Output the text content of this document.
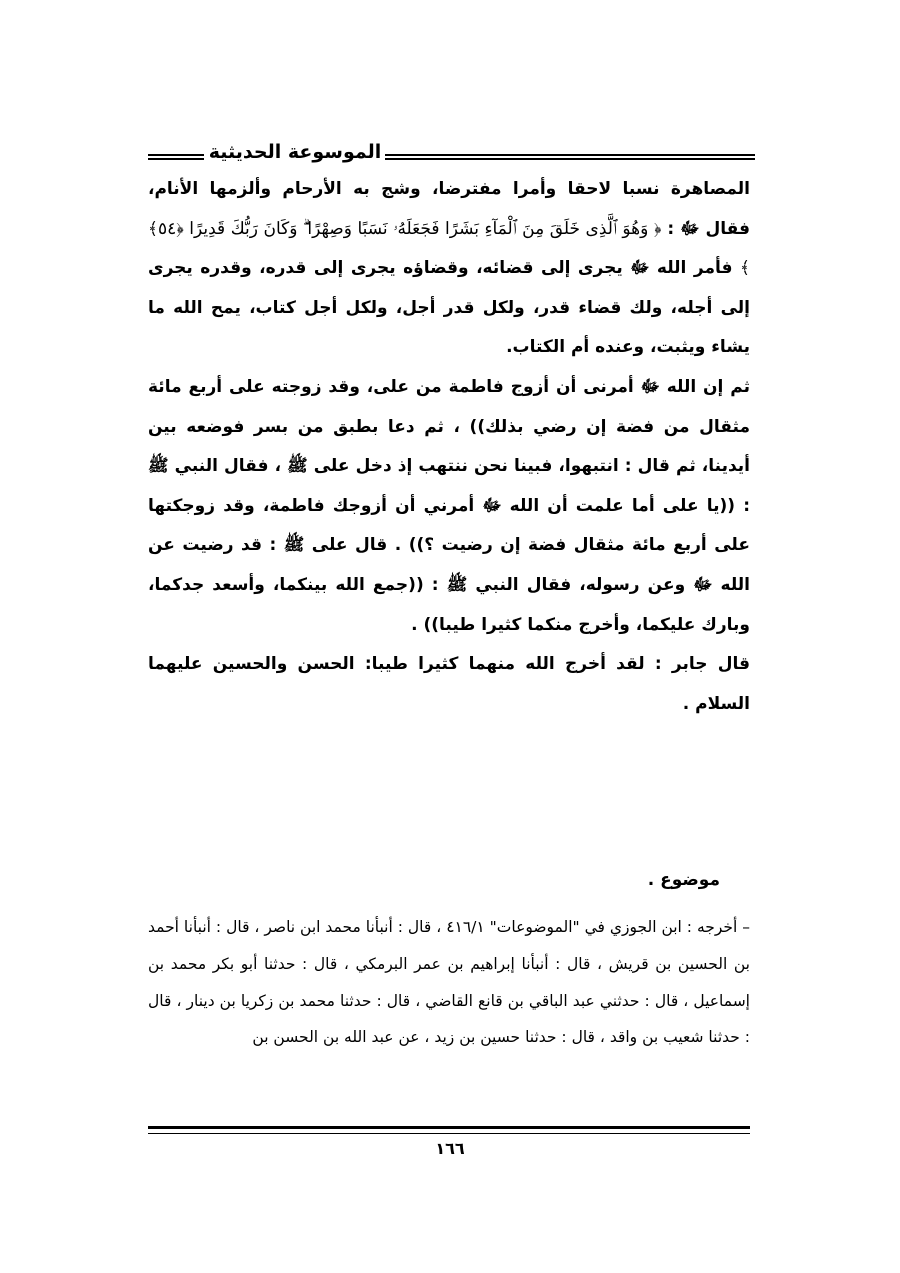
الموسوعة الحديثية

المصاهرة نسبا لاحقا وأمرا مفترضا، وشج به الأرحام وألزمها الأنام، فقال ﷻ : ﴿ وَهُوَ ٱلَّذِى خَلَقَ مِنَ ٱلْمَآءِ بَشَرًا فَجَعَلَهُۥ نَسَبًا وَصِهْرًا ۗ وَكَانَ رَبُّكَ قَدِيرًا ﴿٥٤﴾ ﴾ فأمر الله ﷻ يجرى إلى قضائه، وقضاؤه يجرى إلى قدره، وقدره يجرى إلى أجله، ولك قضاء قدر، ولكل قدر أجل، ولكل أجل كتاب، يمح الله ما يشاء ويثبت، وعنده أم الكتاب.

ثم إن الله ﷻ أمرنى أن أزوج فاطمة من على، وقد زوجته على أربع مائة مثقال من فضة إن رضي بذلك)) ، ثم دعا بطبق من بسر فوضعه بين أيدينا، ثم قال : انتبهوا، فبينا نحن ننتهب إذ دخل على ﷺ ، فقال النبي ﷺ : ((يا على أما علمت أن الله ﷻ أمرني أن أزوجك فاطمة، وقد زوجكتها على أربع مائة مثقال فضة إن رضيت ؟)) . قال على ﷺ : قد رضيت عن الله ﷻ وعن رسوله، فقال النبي ﷺ : ((جمع الله بينكما، وأسعد جدكما، وبارك عليكما، وأخرج منكما كثيرا طيبا)) .

قال جابر : لقد أخرج الله منهما كثيرا طيبا: الحسن والحسين عليهما السلام .

موضوع .

– أخرجه : ابن الجوزي في "الموضوعات" ٤١٦/١ ، قال : أنبأنا محمد ابن ناصر ، قال : أنبأنا أحمد بن الحسين بن قريش ، قال : أنبأنا إبراهيم بن عمر البرمكي ، قال : حدثنا أبو بكر محمد بن إسماعيل ، قال : حدثني عبد الباقي بن قانع القاضي ، قال : حدثنا محمد بن زكريا بن دينار ، قال : حدثنا شعيب بن واقد ، قال : حدثنا حسين بن زيد ، عن عبد الله بن الحسن بن

١٦٦
